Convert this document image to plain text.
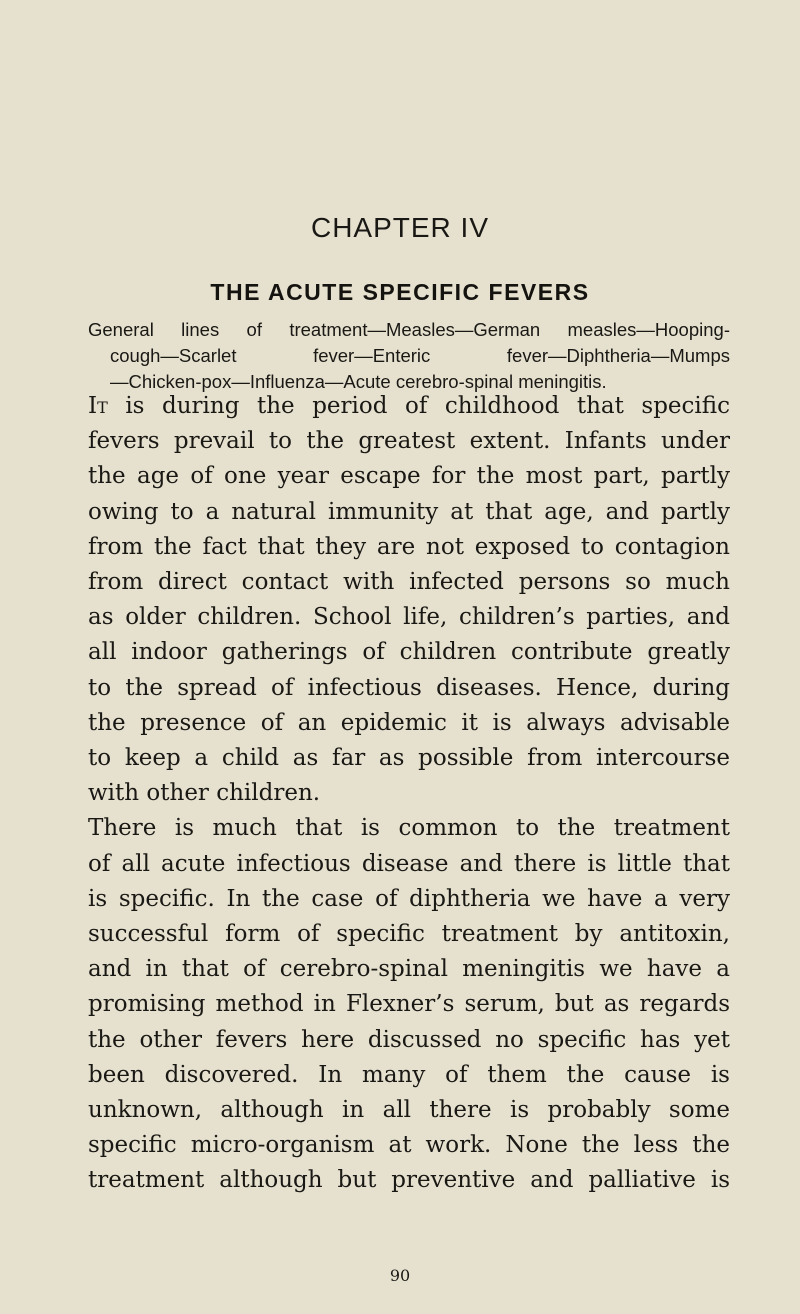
CHAPTER IV
THE ACUTE SPECIFIC FEVERS
General lines of treatment—Measles—German measles—Hooping-
cough—Scarlet fever—Enteric fever—Diphtheria—Mumps
—Chicken-pox—Influenza—Acute cerebro-spinal meningitis.
It is during the period of childhood that specific
fevers prevail to the greatest extent. Infants under
the age of one year escape for the most part, partly
owing to a natural immunity at that age, and partly
from the fact that they are not exposed to contagion
from direct contact with infected persons so much
as older children. School life, children’s parties, and
all indoor gatherings of children contribute greatly
to the spread of infectious diseases. Hence, during
the presence of an epidemic it is always advisable
to keep a child as far as possible from intercourse
with other children.
There is much that is common to the treatment
of all acute infectious disease and there is little that
is specific. In the case of diphtheria we have a very
successful form of specific treatment by antitoxin,
and in that of cerebro-spinal meningitis we have a
promising method in Flexner’s serum, but as regards
the other fevers here discussed no specific has yet
been discovered. In many of them the cause is
unknown, although in all there is probably some
specific micro-organism at work. None the less the
treatment although but preventive and palliative is
90
